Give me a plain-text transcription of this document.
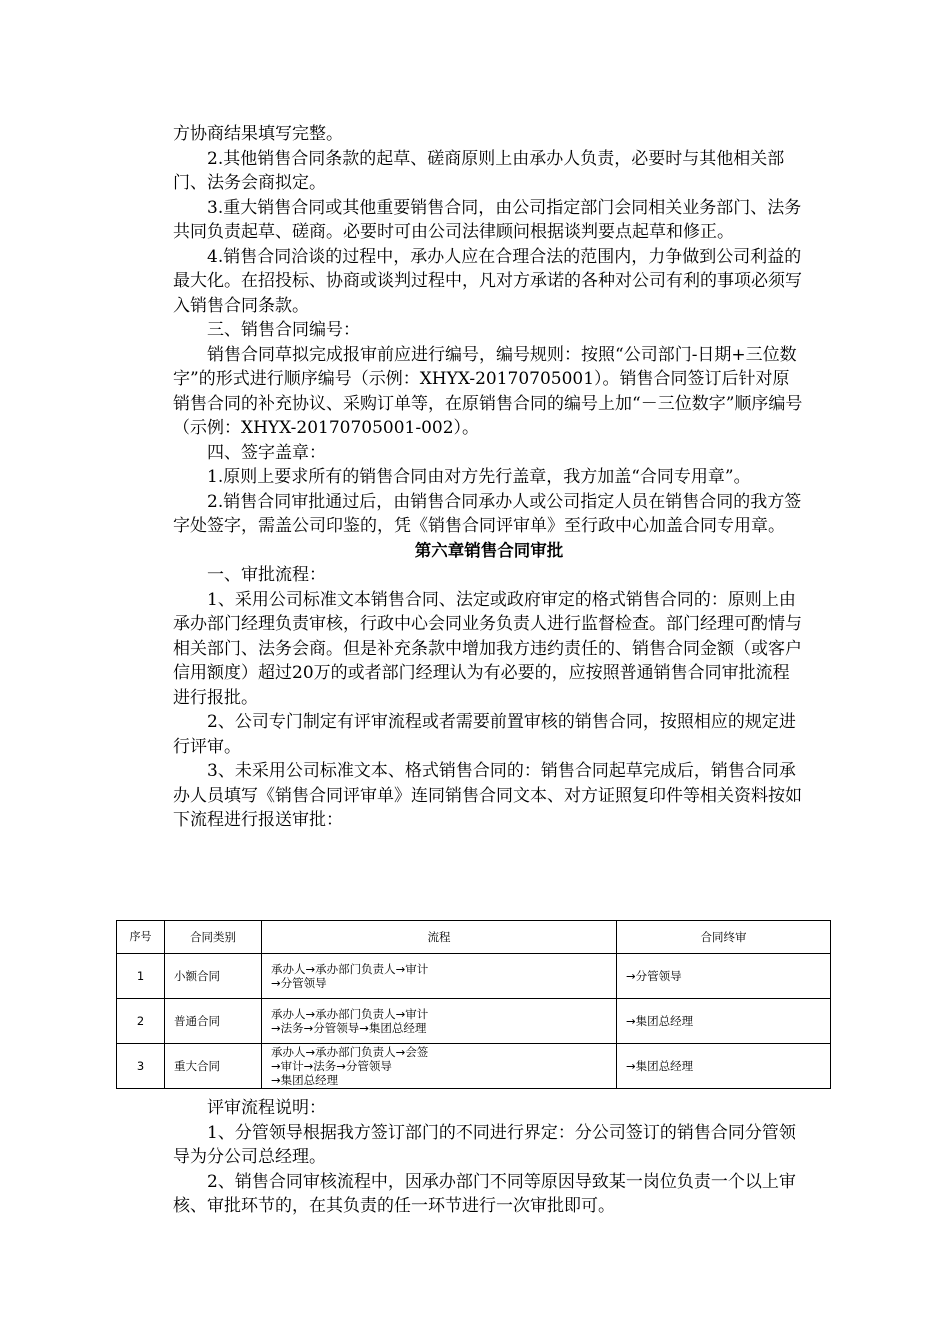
方协商结果填写完整。

2.其他销售合同条款的起草、磋商原则上由承办人负责，必要时与其他相关部门、法务会商拟定。

3.重大销售合同或其他重要销售合同，由公司指定部门会同相关业务部门、法务共同负责起草、磋商。必要时可由公司法律顾问根据谈判要点起草和修正。

4.销售合同洽谈的过程中，承办人应在合理合法的范围内，力争做到公司利益的最大化。在招投标、协商或谈判过程中，凡对方承诺的各种对公司有利的事项必须写入销售合同条款。

三、销售合同编号：

销售合同草拟完成报审前应进行编号，编号规则：按照“公司部门-日期+三位数字”的形式进行顺序编号（示例：XHYX-20170705001）。销售合同签订后针对原销售合同的补充协议、采购订单等，在原销售合同的编号上加“－三位数字”顺序编号（示例：XHYX-20170705001-002）。

四、签字盖章：

1.原则上要求所有的销售合同由对方先行盖章，我方加盖“合同专用章”。

2.销售合同审批通过后，由销售合同承办人或公司指定人员在销售合同的我方签字处签字，需盖公司印鉴的，凭《销售合同评审单》至行政中心加盖合同专用章。

第六章销售合同审批

一、审批流程：

1、采用公司标准文本销售合同、法定或政府审定的格式销售合同的：原则上由承办部门经理负责审核，行政中心会同业务负责人进行监督检查。部门经理可酌情与相关部门、法务会商。但是补充条款中增加我方违约责任的、销售合同金额（或客户信用额度）超过20万的或者部门经理认为有必要的，应按照普通销售合同审批流程进行报批。

2、公司专门制定有评审流程或者需要前置审核的销售合同，按照相应的规定进行评审。

3、未采用公司标准文本、格式销售合同的：销售合同起草完成后，销售合同承办人员填写《销售合同评审单》连同销售合同文本、对方证照复印件等相关资料按如下流程进行报送审批：

序号	合同类别	流程	合同终审
1	小额合同	承办人→承办部门负责人→审计
→分管领导	→分管领导
2	普通合同	承办人→承办部门负责人→审计
→法务→分管领导→集团总经理	→集团总经理
3	重大合同	承办人→承办部门负责人→会签
→审计→法务→分管领导
→集团总经理	→集团总经理

评审流程说明：

1、分管领导根据我方签订部门的不同进行界定：分公司签订的销售合同分管领导为分公司总经理。

2、销售合同审核流程中，因承办部门不同等原因导致某一岗位负责一个以上审核、审批环节的，在其负责的任一环节进行一次审批即可。
